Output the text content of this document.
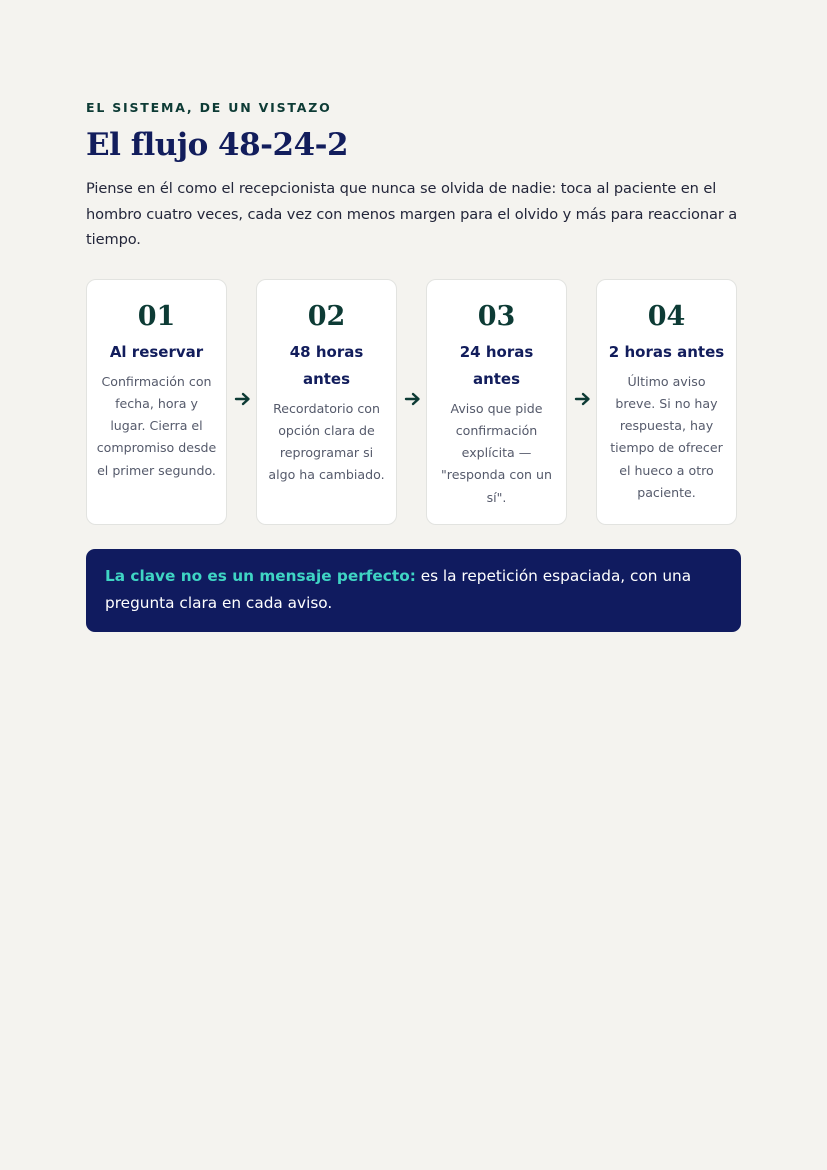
EL SISTEMA, DE UN VISTAZO

El flujo 48-24-2

Piense en él como el recepcionista que nunca se olvida de nadie: toca al paciente en el hombro cuatro veces, cada vez con menos margen para el olvido y más para reaccionar a tiempo.

01

Al reservar

Confirmación con fecha, hora y lugar. Cierra el compromiso desde el primer segundo.

02

48 horas antes

Recordatorio con opción clara de reprogramar si algo ha cambiado.

03

24 horas antes

Aviso que pide confirmación explícita — "responda con un sí".

04

2 horas antes

Último aviso breve. Si no hay respuesta, hay tiempo de ofrecer el hueco a otro paciente.

La clave no es un mensaje perfecto: es la repetición espaciada, con una pregunta clara en cada aviso.
